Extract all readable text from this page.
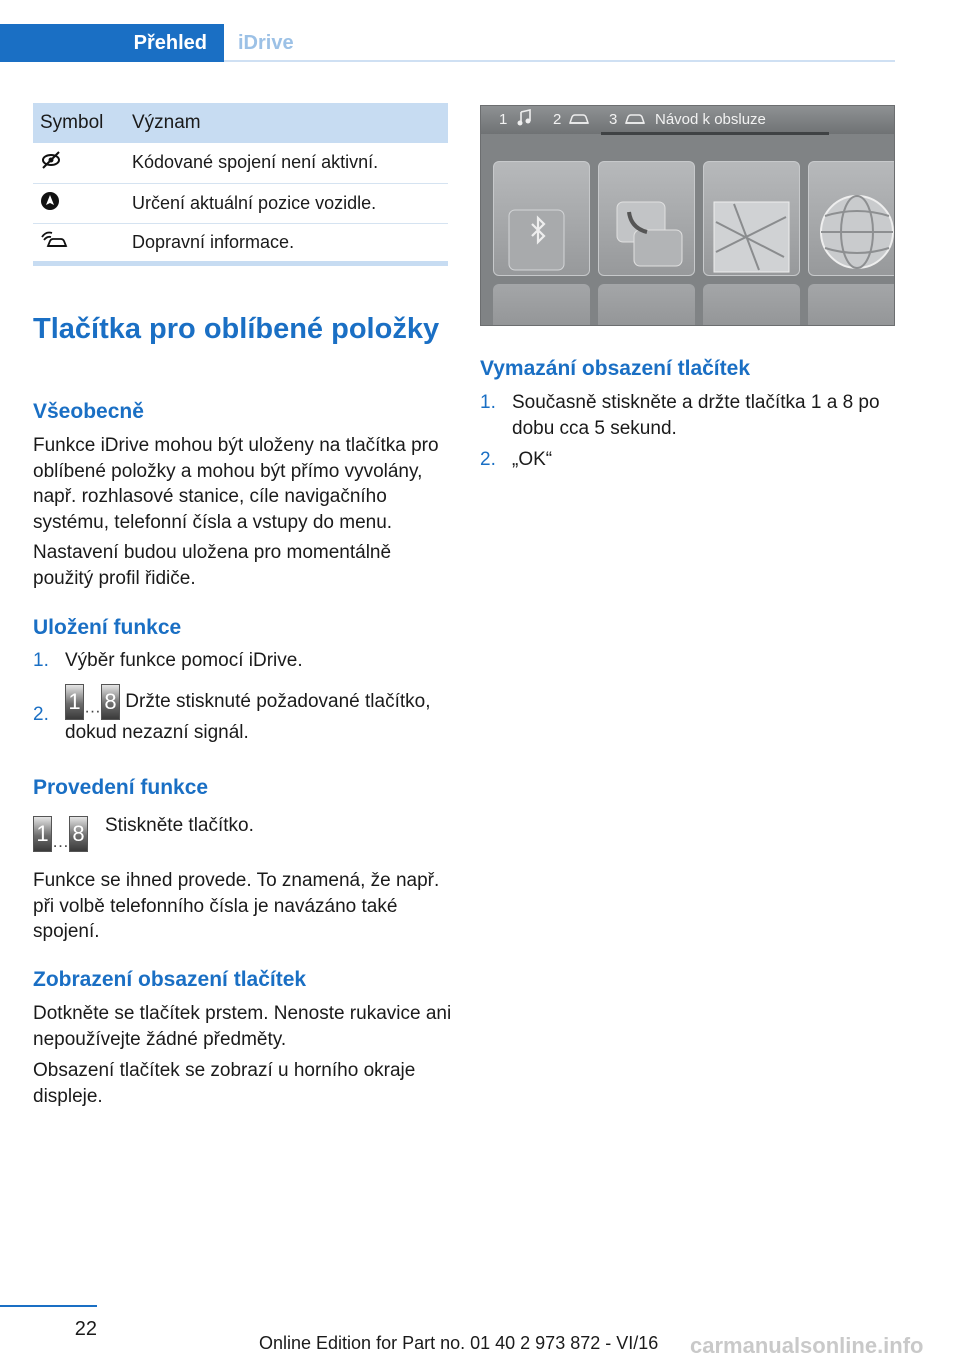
Přehled	iDrive
Symbol	Význam
	Kódované spojení není aktivní.
	Určení aktuální pozice vozidle.
	Dopravní informace.
Tlačítka pro oblíbené položky
Všeobecně
Funkce iDrive mohou být uloženy na tlačítka pro oblíbené položky a mohou být přímo vyvolány, např. rozhlasové stanice, cíle navigačního systému, telefonní čísla a vstupy do menu.
Nastavení budou uložena pro momentálně použitý profil řidiče.
Uložení funkce
1. Výběr funkce pomocí iDrive.
2.
1 … 8 Držte stisknuté požadované tlačítko, dokud nezazní signál.
Provedení funkce
1 … 8 Stiskněte tlačítko.
Funkce se ihned provede. To znamená, že např. při volbě telefonního čísla je navázáno také spojení.
Zobrazení obsazení tlačítek
Dotkněte se tlačítek prstem. Nenoste rukavice ani nepoužívejte žádné předměty.
Obsazení tlačítek se zobrazí u horního okraje displeje.
1	2	3	Návod k obsluze
Vymazání obsazení tlačítek
1. Současně stiskněte a držte tlačítka 1 a 8 po dobu cca 5 sekund.
2. „OK“
22
Online Edition for Part no. 01 40 2 973 872 - VI/16 carmanualsonline.info
